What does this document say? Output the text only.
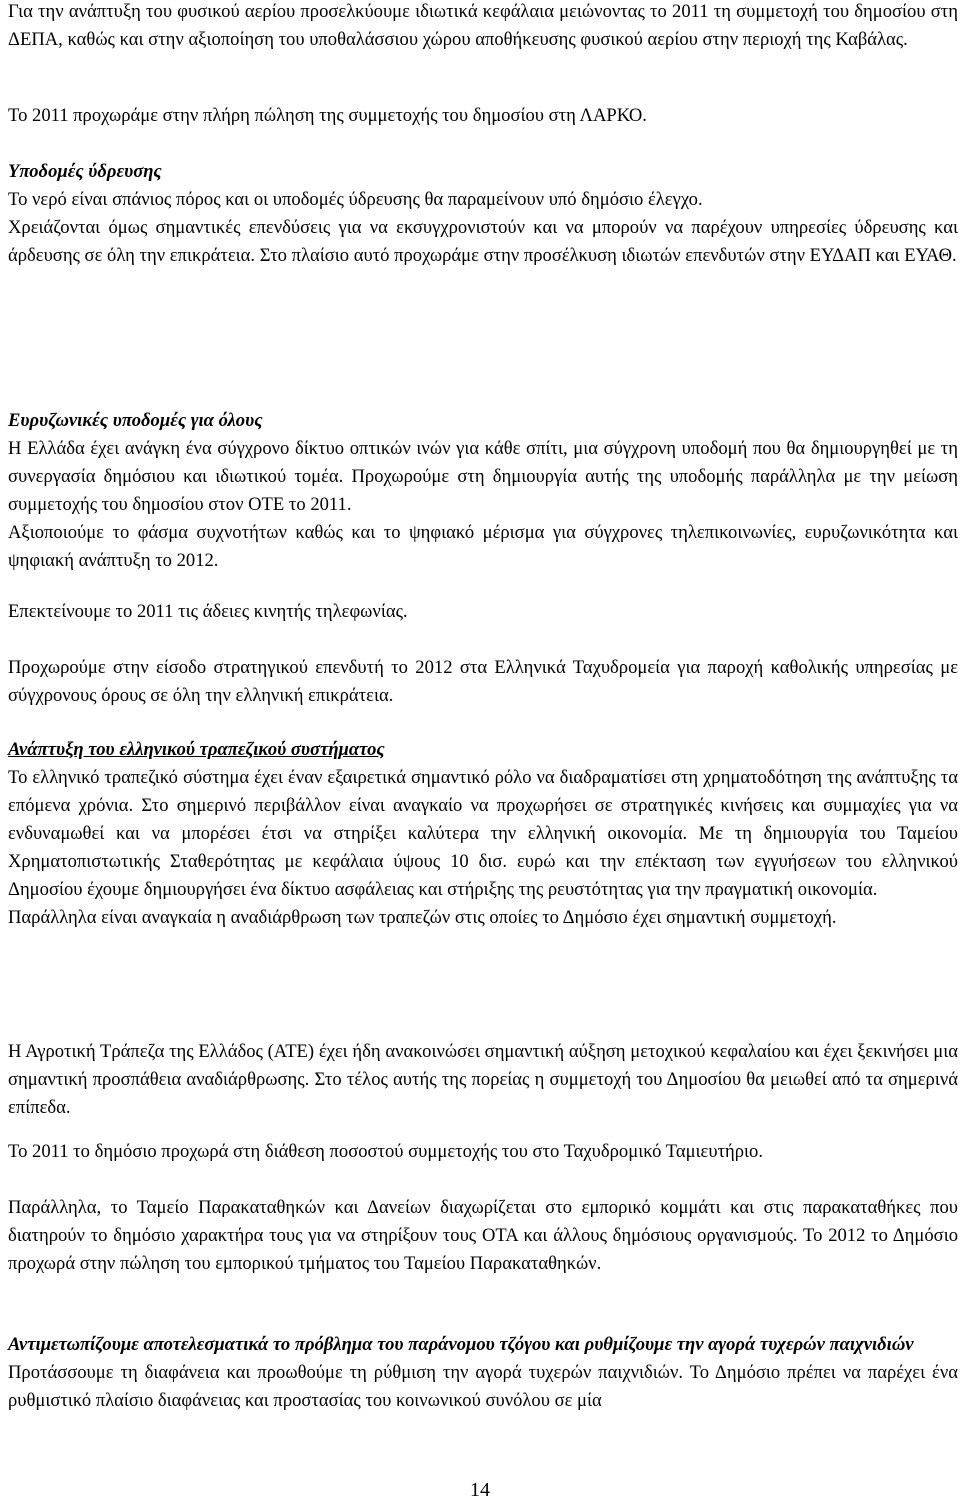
Για την ανάπτυξη του φυσικού αερίου προσελκύουμε ιδιωτικά κεφάλαια μειώνοντας το 2011 τη συμμετοχή του δημοσίου στη ΔΕΠΑ, καθώς και στην αξιοποίηση του υποθαλάσσιου χώρου αποθήκευσης φυσικού αερίου στην περιοχή της Καβάλας.

Το 2011 προχωράμε στην πλήρη πώληση της συμμετοχής του δημοσίου στη ΛΑΡΚΟ.

Υποδομές ύδρευσης

Το νερό είναι σπάνιος πόρος και οι υποδομές ύδρευσης θα παραμείνουν υπό δημόσιο έλεγχο.

Χρειάζονται όμως σημαντικές επενδύσεις για να εκσυγχρονιστούν και να μπορούν να παρέχουν υπηρεσίες ύδρευσης και άρδευσης σε όλη την επικράτεια. Στο πλαίσιο αυτό προχωράμε στην προσέλκυση ιδιωτών επενδυτών στην ΕΥΔΑΠ και ΕΥΑΘ.

Ευρυζωνικές υποδομές για όλους

Η Ελλάδα έχει ανάγκη ένα σύγχρονο δίκτυο οπτικών ινών για κάθε σπίτι, μια σύγχρονη υποδομή που θα δημιουργηθεί με τη συνεργασία δημόσιου και ιδιωτικού τομέα. Προχωρούμε στη δημιουργία αυτής της υποδομής παράλληλα με την μείωση συμμετοχής του δημοσίου στον ΟΤΕ το 2011.

Αξιοποιούμε το φάσμα συχνοτήτων καθώς και το ψηφιακό μέρισμα για σύγχρονες τηλεπικοινωνίες, ευρυζωνικότητα και ψηφιακή ανάπτυξη το 2012.

Επεκτείνουμε το 2011 τις άδειες κινητής τηλεφωνίας.

Προχωρούμε στην είσοδο στρατηγικού επενδυτή το 2012 στα Ελληνικά Ταχυδρομεία για παροχή καθολικής υπηρεσίας με σύγχρονους όρους σε όλη την ελληνική επικράτεια.

Ανάπτυξη του ελληνικού τραπεζικού συστήματος

Το ελληνικό τραπεζικό σύστημα έχει έναν εξαιρετικά σημαντικό ρόλο να διαδραματίσει στη χρηματοδότηση της ανάπτυξης τα επόμενα χρόνια. Στο σημερινό περιβάλλον είναι αναγκαίο να προχωρήσει σε στρατηγικές κινήσεις και συμμαχίες για να ενδυναμωθεί και να μπορέσει έτσι να στηρίξει καλύτερα την ελληνική οικονομία. Με τη δημιουργία του Ταμείου Χρηματοπιστωτικής Σταθερότητας με κεφάλαια ύψους 10 δισ. ευρώ και την επέκταση των εγγυήσεων του ελληνικού Δημοσίου έχουμε δημιουργήσει ένα δίκτυο ασφάλειας και στήριξης της ρευστότητας για την πραγματική οικονομία.

Παράλληλα είναι αναγκαία η αναδιάρθρωση των τραπεζών στις οποίες το Δημόσιο έχει σημαντική συμμετοχή.

Η Αγροτική Τράπεζα της Ελλάδος (ΑΤΕ) έχει ήδη ανακοινώσει σημαντική αύξηση μετοχικού κεφαλαίου και έχει ξεκινήσει μια σημαντική προσπάθεια αναδιάρθρωσης. Στο τέλος αυτής της πορείας η συμμετοχή του Δημοσίου θα μειωθεί από τα σημερινά επίπεδα.

Το 2011 το δημόσιο προχωρά στη διάθεση ποσοστού συμμετοχής του στο Ταχυδρομικό Ταμιευτήριο.

Παράλληλα, το Ταμείο Παρακαταθηκών και Δανείων διαχωρίζεται στο εμπορικό κομμάτι και στις παρακαταθήκες που διατηρούν το δημόσιο χαρακτήρα τους για να στηρίξουν τους ΟΤΑ και άλλους δημόσιους οργανισμούς. Το 2012 το Δημόσιο προχωρά στην πώληση του εμπορικού τμήματος του Ταμείου Παρακαταθηκών.

Αντιμετωπίζουμε αποτελεσματικά το πρόβλημα του παράνομου τζόγου και ρυθμίζουμε την αγορά τυχερών παιχνιδιών

Προτάσσουμε τη διαφάνεια και προωθούμε τη ρύθμιση την αγορά τυχερών παιχνιδιών. Το Δημόσιο πρέπει να παρέχει ένα ρυθμιστικό πλαίσιο διαφάνειας και προστασίας του κοινωνικού συνόλου σε μία

14
